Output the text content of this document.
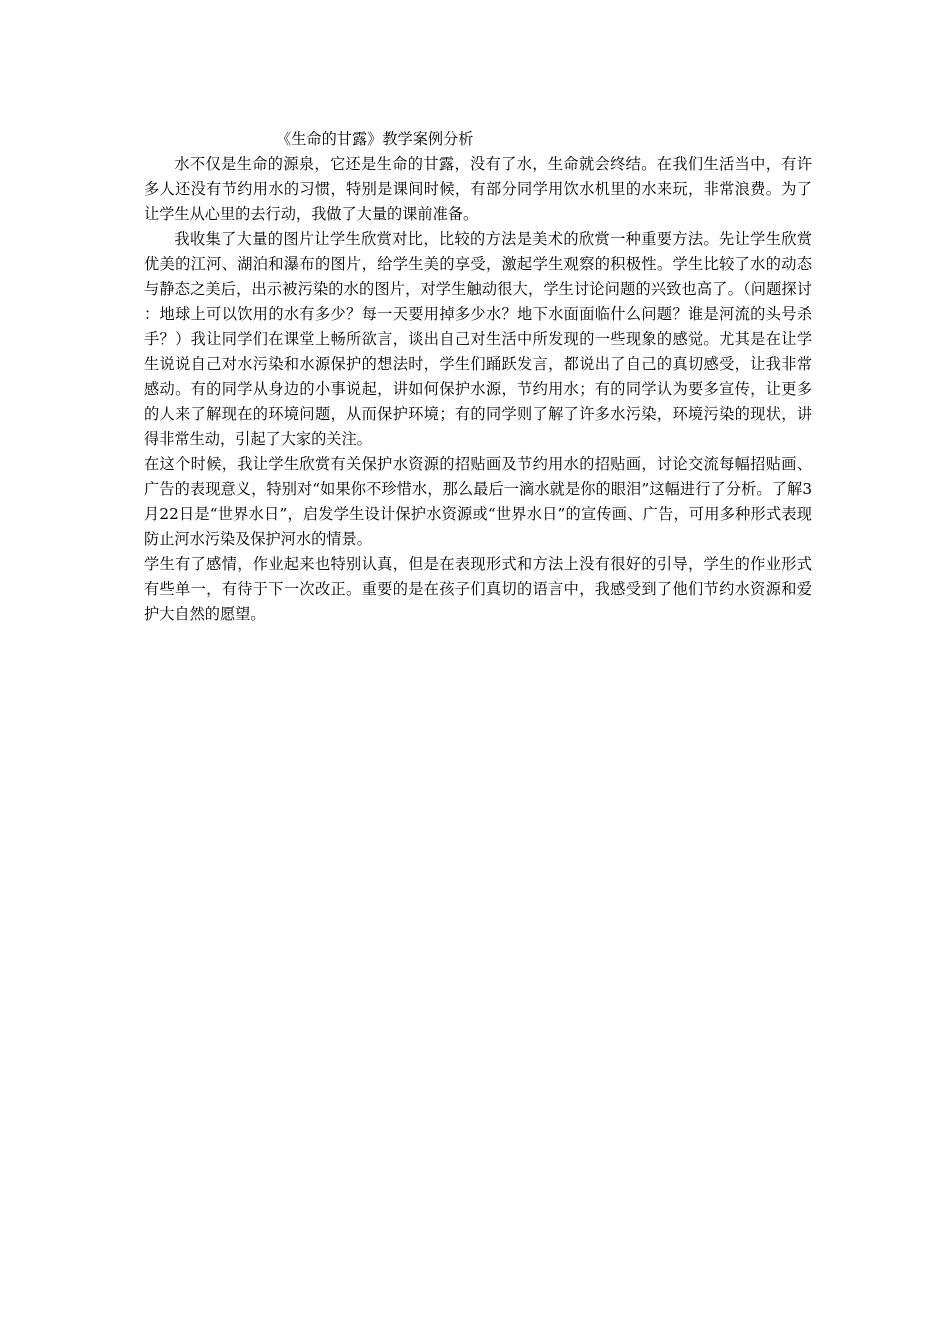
《生命的甘露》教学案例分析

水不仅是生命的源泉，它还是生命的甘露，没有了水，生命就会终结。在我们生活当中，有许多人还没有节约用水的习惯，特别是课间时候，有部分同学用饮水机里的水来玩，非常浪费。为了让学生从心里的去行动，我做了大量的课前准备。

我收集了大量的图片让学生欣赏对比，比较的方法是美术的欣赏一种重要方法。先让学生欣赏优美的江河、湖泊和瀑布的图片，给学生美的享受，激起学生观察的积极性。学生比较了水的动态与静态之美后，出示被污染的水的图片，对学生触动很大，学生讨论问题的兴致也高了。（问题探讨：地球上可以饮用的水有多少？每一天要用掉多少水？地下水面面临什么问题？谁是河流的头号杀手？）我让同学们在课堂上畅所欲言，谈出自己对生活中所发现的一些现象的感觉。尤其是在让学生说说自己对水污染和水源保护的想法时，学生们踊跃发言，都说出了自己的真切感受，让我非常感动。有的同学从身边的小事说起，讲如何保护水源，节约用水；有的同学认为要多宣传，让更多的人来了解现在的环境问题，从而保护环境；有的同学则了解了许多水污染，环境污染的现状，讲得非常生动，引起了大家的关注。

在这个时候，我让学生欣赏有关保护水资源的招贴画及节约用水的招贴画，讨论交流每幅招贴画、广告的表现意义，特别对“如果你不珍惜水，那么最后一滴水就是你的眼泪”这幅进行了分析。了解3月22日是“世界水日”，启发学生设计保护水资源或“世界水日”的宣传画、广告，可用多种形式表现防止河水污染及保护河水的情景。

学生有了感情，作业起来也特别认真，但是在表现形式和方法上没有很好的引导，学生的作业形式有些单一，有待于下一次改正。重要的是在孩子们真切的语言中，我感受到了他们节约水资源和爱护大自然的愿望。
